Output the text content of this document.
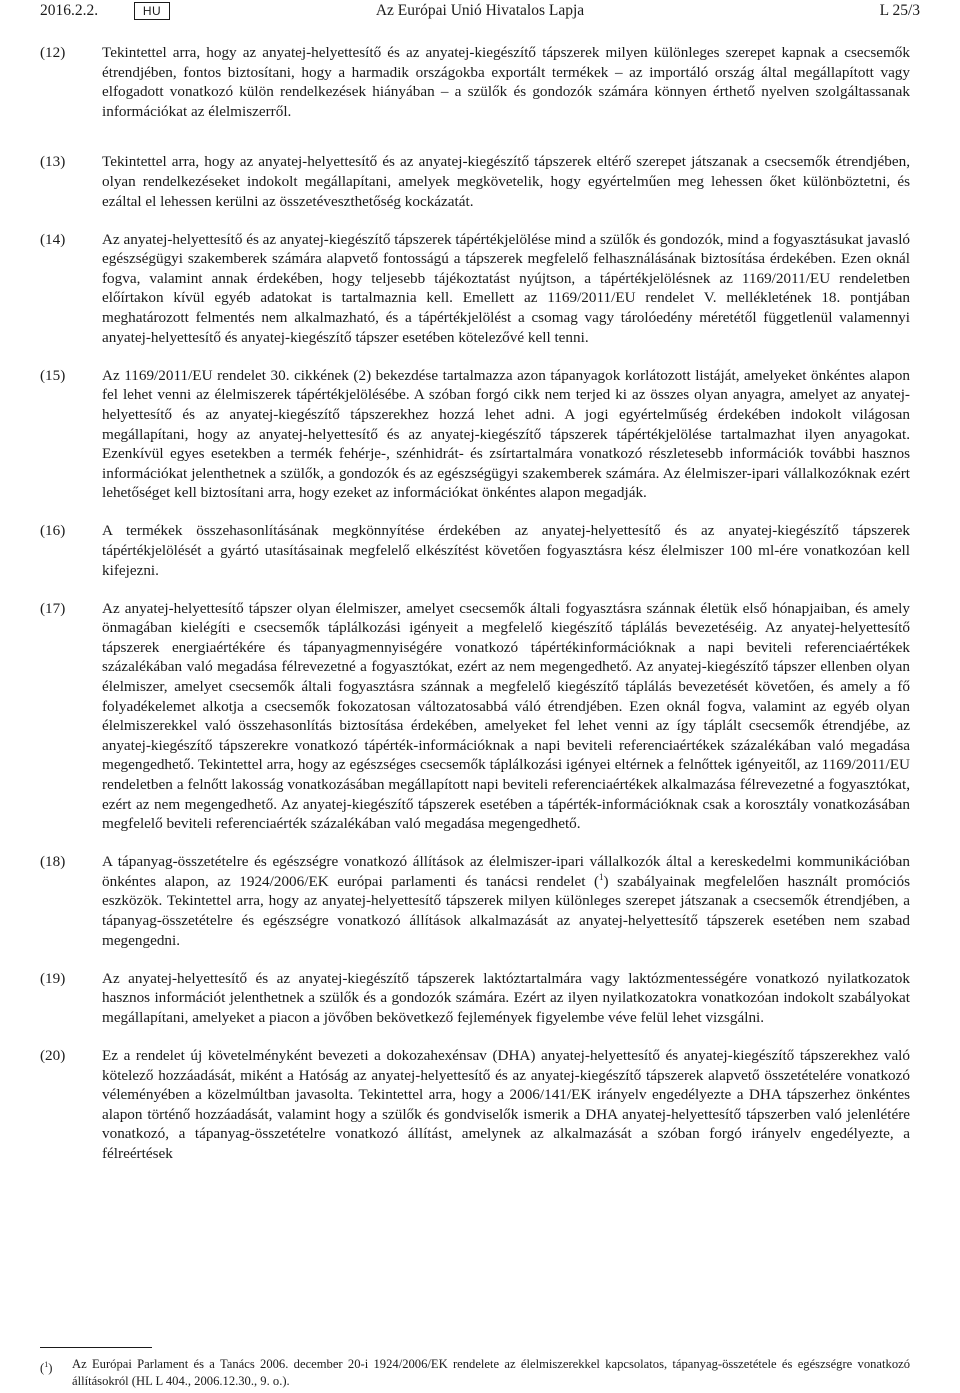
2016.2.2.	HU	Az Európai Unió Hivatalos Lapja	L 25/3
(12)	Tekintettel arra, hogy az anyatej-helyettesítő és az anyatej-kiegészítő tápszerek milyen különleges szerepet kapnak a csecsemők étrendjében, fontos biztosítani, hogy a harmadik országokba exportált termékek – az importáló ország által megállapított vagy elfogadott vonatkozó külön rendelkezések hiányában – a szülők és gondozók számára könnyen érthető nyelven szolgáltassanak információkat az élelmiszerről.
(13)	Tekintettel arra, hogy az anyatej-helyettesítő és az anyatej-kiegészítő tápszerek eltérő szerepet játszanak a csecsemők étrendjében, olyan rendelkezéseket indokolt megállapítani, amelyek megkövetelik, hogy egyértelműen meg lehessen őket különböztetni, és ezáltal el lehessen kerülni az összetéveszthetőség kockázatát.
(14)	Az anyatej-helyettesítő és az anyatej-kiegészítő tápszerek tápértékjelölése mind a szülők és gondozók, mind a fogyasztásukat javasló egészségügyi szakemberek számára alapvető fontosságú a tápszerek megfelelő felhasználásának biztosítása érdekében. Ezen oknál fogva, valamint annak érdekében, hogy teljesebb tájékoztatást nyújtson, a tápértékjelölésnek az 1169/2011/EU rendeletben előírtakon kívül egyéb adatokat is tartalmaznia kell. Emellett az 1169/2011/EU rendelet V. mellékletének 18. pontjában meghatározott felmentés nem alkalmazható, és a tápértékjelölést a csomag vagy tárolóedény méretétől függetlenül valamennyi anyatej-helyettesítő és anyatej-kiegészítő tápszer esetében kötelezővé kell tenni.
(15)	Az 1169/2011/EU rendelet 30. cikkének (2) bekezdése tartalmazza azon tápanyagok korlátozott listáját, amelyeket önkéntes alapon fel lehet venni az élelmiszerek tápértékjelölésébe. A szóban forgó cikk nem terjed ki az összes olyan anyagra, amelyet az anyatej-helyettesítő és az anyatej-kiegészítő tápszerekhez hozzá lehet adni. A jogi egyértelműség érdekében indokolt világosan megállapítani, hogy az anyatej-helyettesítő és az anyatej-kiegészítő tápszerek tápértékjelölése tartalmazhat ilyen anyagokat. Ezenkívül egyes esetekben a termék fehérje-, szénhidrát- és zsírtartalmára vonatkozó részletesebb információk további hasznos információkat jelenthetnek a szülők, a gondozók és az egészségügyi szakemberek számára. Az élelmiszer-ipari vállalkozóknak ezért lehetőséget kell biztosítani arra, hogy ezeket az információkat önkéntes alapon megadják.
(16)	A termékek összehasonlításának megkönnyítése érdekében az anyatej-helyettesítő és az anyatej-kiegészítő tápszerek tápértékjelölését a gyártó utasításainak megfelelő elkészítést követően fogyasztásra kész élelmiszer 100 ml-ére vonatkozóan kell kifejezni.
(17)	Az anyatej-helyettesítő tápszer olyan élelmiszer, amelyet csecsemők általi fogyasztásra szánnak életük első hónapjaiban, és amely önmagában kielégíti e csecsemők táplálkozási igényeit a megfelelő kiegészítő táplálás bevezetéséig. Az anyatej-helyettesítő tápszerek energiaértékére és tápanyagmennyiségére vonatkozó tápértékinformációknak a napi beviteli referenciaértékek százalékában való megadása félrevezetné a fogyasztókat, ezért az nem megengedhető. Az anyatej-kiegészítő tápszer ellenben olyan élelmiszer, amelyet csecsemők általi fogyasztásra szánnak a megfelelő kiegészítő táplálás bevezetését követően, és amely a fő folyadékelemet alkotja a csecsemők fokozatosan változatosabbá váló étrendjében. Ezen oknál fogva, valamint az egyéb olyan élelmiszerekkel való összehasonlítás biztosítása érdekében, amelyeket fel lehet venni az így táplált csecsemők étrendjébe, az anyatej-kiegészítő tápszerekre vonatkozó tápérték-információknak a napi beviteli referenciaértékek százalékában való megadása megengedhető. Tekintettel arra, hogy az egészséges csecsemők táplálkozási igényei eltérnek a felnőttek igényeitől, az 1169/2011/EU rendeletben a felnőtt lakosság vonatkozásában megállapított napi beviteli referenciaértékek alkalmazása félrevezetné a fogyasztókat, ezért az nem megengedhető. Az anyatej-kiegészítő tápszerek esetében a tápérték-információknak csak a korosztály vonatkozásában megfelelő beviteli referenciaérték százalékában való megadása megengedhető.
(18)	A tápanyag-összetételre és egészségre vonatkozó állítások az élelmiszer-ipari vállalkozók által a kereskedelmi kommunikációban önkéntes alapon, az 1924/2006/EK európai parlamenti és tanácsi rendelet ($^1$) szabályainak megfelelően használt promóciós eszközök. Tekintettel arra, hogy az anyatej-helyettesítő tápszerek milyen különleges szerepet játszanak a csecsemők étrendjében, a tápanyag-összetételre és egészségre vonatkozó állítások alkalmazását az anyatej-helyettesítő tápszerek esetében nem szabad megengedni.
(19)	Az anyatej-helyettesítő és az anyatej-kiegészítő tápszerek laktóztartalmára vagy laktózmentességére vonatkozó nyilatkozatok hasznos információt jelenthetnek a szülők és a gondozók számára. Ezért az ilyen nyilatkozatokra vonatkozóan indokolt szabályokat megállapítani, amelyeket a piacon a jövőben bekövetkező fejlemények figyelembe véve felül lehet vizsgálni.
(20)	Ez a rendelet új követelményként bevezeti a dokozahexénsav (DHA) anyatej-helyettesítő és anyatej-kiegészítő tápszerekhez való kötelező hozzáadását, miként a Hatóság az anyatej-helyettesítő és az anyatej-kiegészítő tápszerek alapvető összetételére vonatkozó véleményében a közelmúltban javasolta. Tekintettel arra, hogy a 2006/141/EK irányelv engedélyezte a DHA tápszerhez önkéntes alapon történő hozzáadását, valamint hogy a szülők és gondviselők ismerik a DHA anyatej-helyettesítő tápszerben való jelenlétére vonatkozó, a tápanyag-összetételre vonatkozó állítást, amelynek az alkalmazását a szóban forgó irányelv engedélyezte, a félreértések
($^1$)	Az Európai Parlament és a Tanács 2006. december 20-i 1924/2006/EK rendelete az élelmiszerekkel kapcsolatos, tápanyag-összetétele és egészségre vonatkozó állításokról (HL L 404., 2006.12.30., 9. o.).
